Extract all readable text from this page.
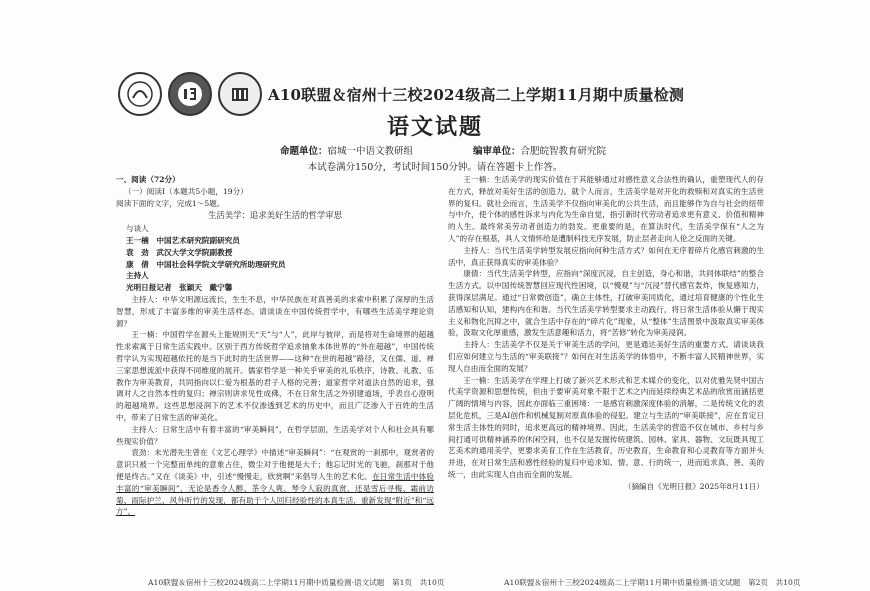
A10联盟＆宿州十三校2024级高二上学期11月期中质量检测
语文试题
命题单位：宿城一中语文教研组	编审单位：合肥皖智教育研究院
本试卷满分150分，考试时间150分钟。请在答题卡上作答。

一、阅读（72分）

（一）阅读Ⅰ（本题共5小题，19分）

阅读下面的文字，完成1～5题。

生活美学：追求美好生活的哲学审思

与谈人

王一楠　中国艺术研究院副研究员

袁　劲　武汉大学文学院副教授

康　倩　中国社会科学院文学研究所助理研究员

主持人

光明日报记者　张颖天　戴宁馨

主持人：中华文明源远流长，生生不息，中华民族在对真善美的求索中积累了深厚的生活智慧，形成了丰富多维的审美生活样态。请谈谈在中国传统哲学中，有哪些生活美学理论资源？

王一楠：中国哲学在源头上能规则天“天”与“人”，此岸与彼岸，而是将对生命境界的超越性求索寓于日常生活实践中。区别于西方传统哲学追求抽象本体世界的“外在超越”，中国传统哲学认为实现超越依托的是当下此时的生活世界——这种“在世的超越”路径，又在儒、道、禅三家思想流派中获得不同维度的展开。儒家哲学是一种关乎审美的礼乐秩序，诗教、礼教、乐教作为审美教育，共同指向以仁爱为根基的君子人格的完善；道家哲学对道法自然的追求，强调对人之自然本性的复归；禅宗则讲求见性成佛，不在日常生活之外别建道场，乎表自心澄明的超越境界。这些思想浸润下的艺术不仅渗透到艺术的历史中，而且广泛渗入于百姓的生活中，带来了日常生活的审美化。

主持人：日常生活中有着丰富的“审美瞬间”，在哲学层面，生活美学对个人和社会具有哪些现实价值？

袁劲：未光潜先生曾在《文艺心理学》中描述“审美瞬间”：“在观赏的一刹那中，观赏者的意识只被一个完整而单纯的意象占住，微尘对于他便是大千；他忘记时光的飞驰，刹那对于他便是终古。”又在《谈美》中，引述“慢慢走，欣赏啊”来倡导人生的艺术化。在日常生活中体验丰富的“审美瞬间”，无论是香令人醉、茶令人爽、琴令人寂的真赏，还是雪后寻梅、霜前访菊、雨际护兰、风外听竹的发现，都有助于个人回归经验性的本真生活，重新发现“附近”和“远方”。

王一楠：生活美学的现实价值在于其能够通过对感性意义合法性的确认，重塑现代人的存在方式，释放对美好生活的创造力。就个人而言，生活美学是对开化的救赎和对真实的生活世界的复归。就社会而言，生活美学不仅指向审美化的公共生活，而且能够作为自与社会的纽带与中介，使个体的感性诉求与内化为生命自觉，指引新时代劳动者追求更有意义、价值和精神的人生。最终常美劳动者创造力的勃发。更重要的是，在算法时代，生活美学保有“人之为人”的存在根基，具人文情怀给是遭制科技无序发展，防止层者走向人伦之反面的关键。

主持人：当代生活美学转型发展应指向何种生活方式？如何在无序着碎片化感官刺激的生活中，真正获得真实的审美体验？

康倩：当代生活美学转型，应指向“深度沉浸，自主创造，身心和谐，共同体联结”的整合生活方式。以中国传统智慧回应现代性困境，以“慢观”与“沉浸”替代感官轰炸，恢复感知力，获得深层满足。通过“日常微创造”，确立主体性，打破审美同质化，通过培育健康的个性化生活感知和认知，建构内在和谐。当代生活美学转型要求主动践行，将日常生活体验从懈于现实主义和物化沉抑之中，就合生活中存在的“碎片化”现象，从“整体”生活图景中汲取真实审美体验，汲取文化厚重感，激发生活意趣和活力，将“苦修”转化为审美浸润。

主持人：生活美学不仅是关于审美生活的学问，更是通达美好生活的重要方式。请谈谈我们应如何建立与生活的“审美联接”？如何在对生活美学的体悟中，不断丰富人民精神世界，实现人自由而全面的发展？

王一楠：生活美学在学理上打破了新兴艺术形式和艺术媒介的变化，以对优雅先贤中国古代美学资源和思想传统，但由于要审美对象不限于艺术之内而延续经典艺术品的欣赏而涵括更广阔的情境与内容，因此亦面临三重困境：一是感官刺激深度体验的消解，二是传统文化的表层化危机，三是AI创作和机械复制对原真体验的侵犯。建立与生活的“审美联接”，应在肯定日常生活主体性的同时，追求更高远的精神境界。因此，生活美学的营造不仅在城市、乡村与乡间打通可供精神涵养的休闲空间，也不仅是发掘传统建筑、园林、家具、器物、文玩既具现工艺美术的通用美学，更要求美育工作在生活教育，历史教育，生命教育和心灵教育等方面并头并进，在对日常生活和感性经验的复归中追求知、情、意、行的统一，进而追求真、善、美的统一，由此实现人自由而全面的发展。

（摘编自《光明日报》2025年8月11日）

A10联盟＆宿州十三校2024级高二上学期11月期中质量检测·语文试题　第1页　共10页	A10联盟＆宿州十三校2024级高二上学期11月期中质量检测·语文试题　第2页　共10页
